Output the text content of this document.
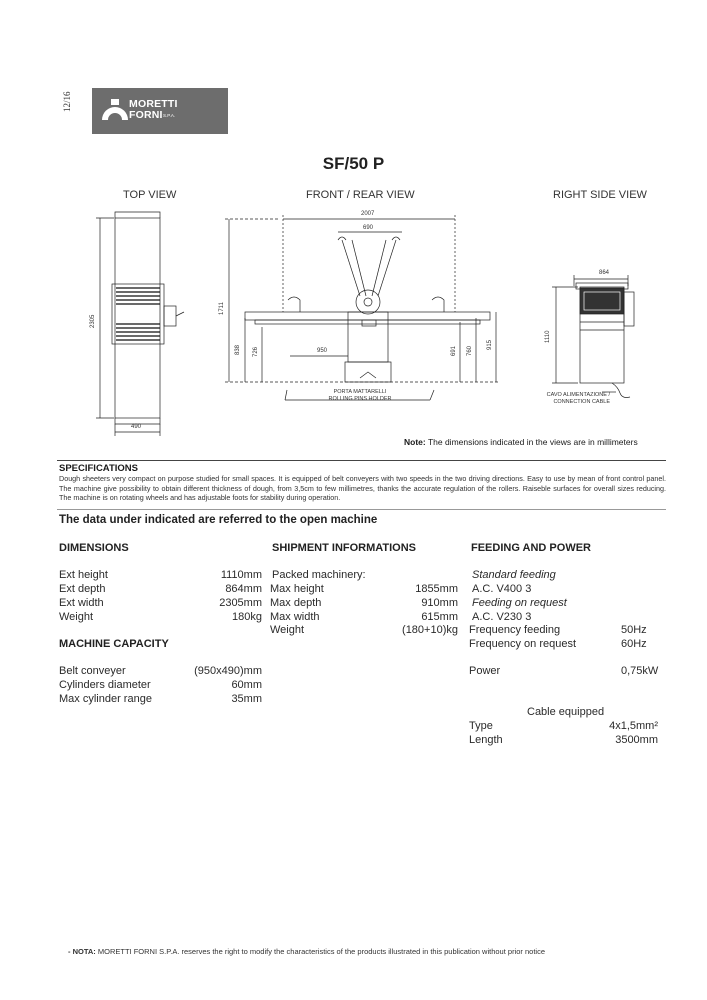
12/16	MORETTI
FORNI S.P.A.
SF/50 P
TOP VIEW	FRONT / REAR VIEW	RIGHT SIDE VIEW
2305
490
2007
690
1711
838 726	950	691 760
915
864
1110
PORTA MATTARELLI
ROLLING PINS HOLDER
CAVO ALIMENTAZIONE /
CONNECTION CABLE
Note: The dimensions indicated in the views are in millimeters
SPECIFICATIONS
Dough sheeters very compact on purpose studied for small spaces. It is equipped of belt conveyers with two speeds in the two driving directions. Easy to use by mean of front control panel. The machine give possibility to obtain different thickness of dough, from 3,5cm to few millimetres, thanks the accurate regulation of the rollers. Raiseble surfaces for overall sizes reducing. The machine is on rotating wheels and has adjustable foots for stability during operation.
The data under indicated are referred to the open machine
DIMENSIONS
Ext height	1110mm
Ext depth	864mm
Ext width	2305mm
Weight	180kg
MACHINE CAPACITY
Belt conveyer	(950x490)mm
Cylinders diameter	60mm
Max cylinder range	35mm
SHIPMENT INFORMATIONS
Packed machinery:
Max height	1855mm
Max depth	910mm
Max width	615mm
Weight	(180+10)kg
FEEDING AND POWER
Standard feeding
A.C. V400 3
Feeding on request
A.C. V230 3
Frequency feeding	50Hz
Frequency on request	60Hz
Power	0,75kW
Cable equipped
Type	4x1,5mm²
Length	3500mm
- NOTA: MORETTI FORNI S.P.A. reserves the right to modify the characteristics of the products illustrated in this publication without prior notice
